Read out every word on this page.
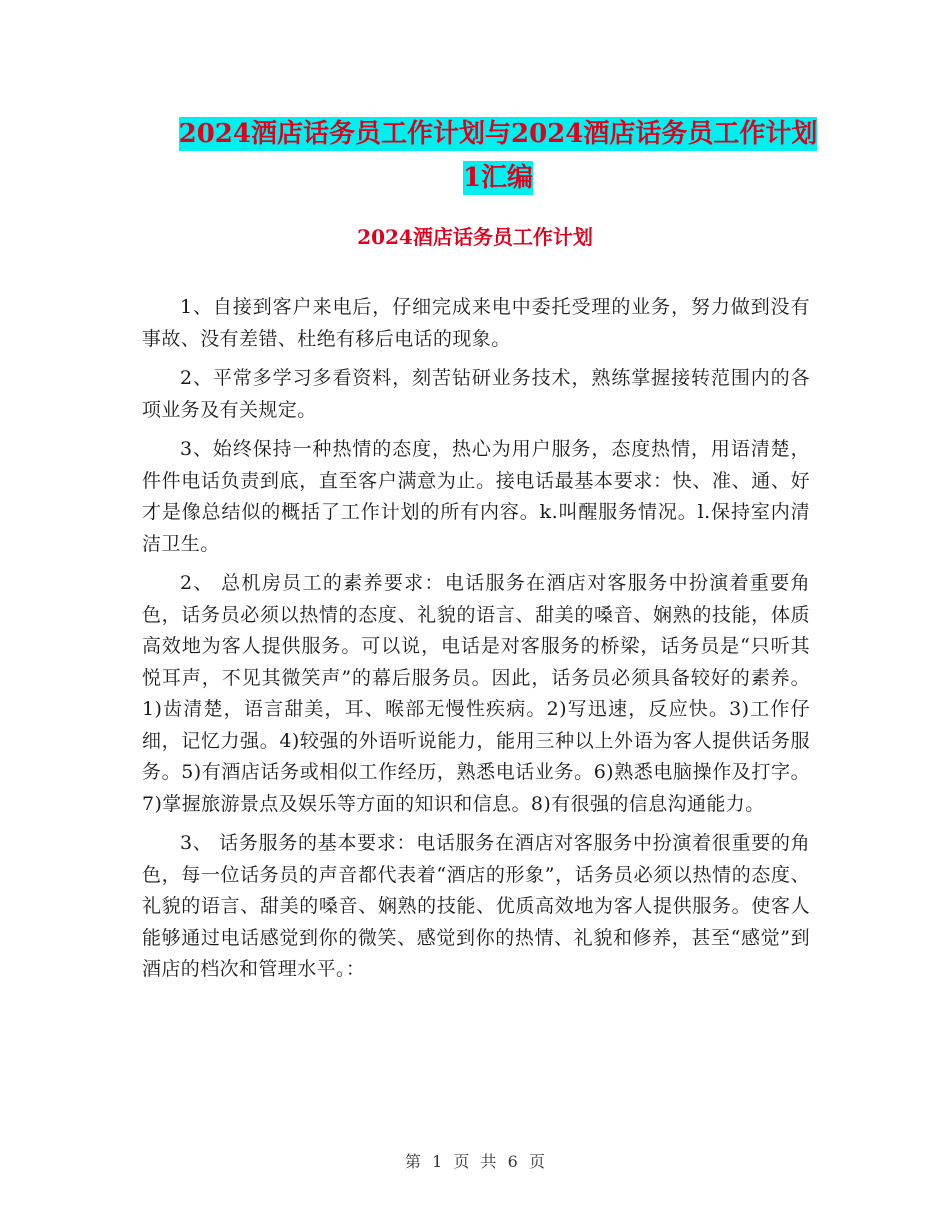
2024酒店话务员工作计划与2024酒店话务员工作计划
1汇编
2024酒店话务员工作计划

1、自接到客户来电后，仔细完成来电中委托受理的业务，努力做到没有事故、没有差错、杜绝有移后电话的现象。

2、平常多学习多看资料，刻苦钻研业务技术，熟练掌握接转范围内的各项业务及有关规定。

3、始终保持一种热情的态度，热心为用户服务，态度热情，用语清楚，件件电话负责到底，直至客户满意为止。接电话最基本要求：快、准、通、好才是像总结似的概括了工作计划的所有内容。k.叫醒服务情况。l.保持室内清洁卫生。

2、 总机房员工的素养要求：电话服务在酒店对客服务中扮演着重要角色，话务员必须以热情的态度、礼貌的语言、甜美的嗓音、娴熟的技能，体质高效地为客人提供服务。可以说，电话是对客服务的桥梁，话务员是“只听其悦耳声，不见其微笑声”的幕后服务员。因此，话务员必须具备较好的素养。1)齿清楚，语言甜美，耳、喉部无慢性疾病。2)写迅速，反应快。3)工作仔细，记忆力强。4)较强的外语听说能力，能用三种以上外语为客人提供话务服务。5)有酒店话务或相似工作经历，熟悉电话业务。6)熟悉电脑操作及打字。7)掌握旅游景点及娱乐等方面的知识和信息。8)有很强的信息沟通能力。

3、 话务服务的基本要求：电话服务在酒店对客服务中扮演着很重要的角色，每一位话务员的声音都代表着“酒店的形象”，话务员必须以热情的态度、礼貌的语言、甜美的嗓音、娴熟的技能、优质高效地为客人提供服务。使客人能够通过电话感觉到你的微笑、感觉到你的热情、礼貌和修养，甚至“感觉”到酒店的档次和管理水平。：

第 1 页 共 6 页
